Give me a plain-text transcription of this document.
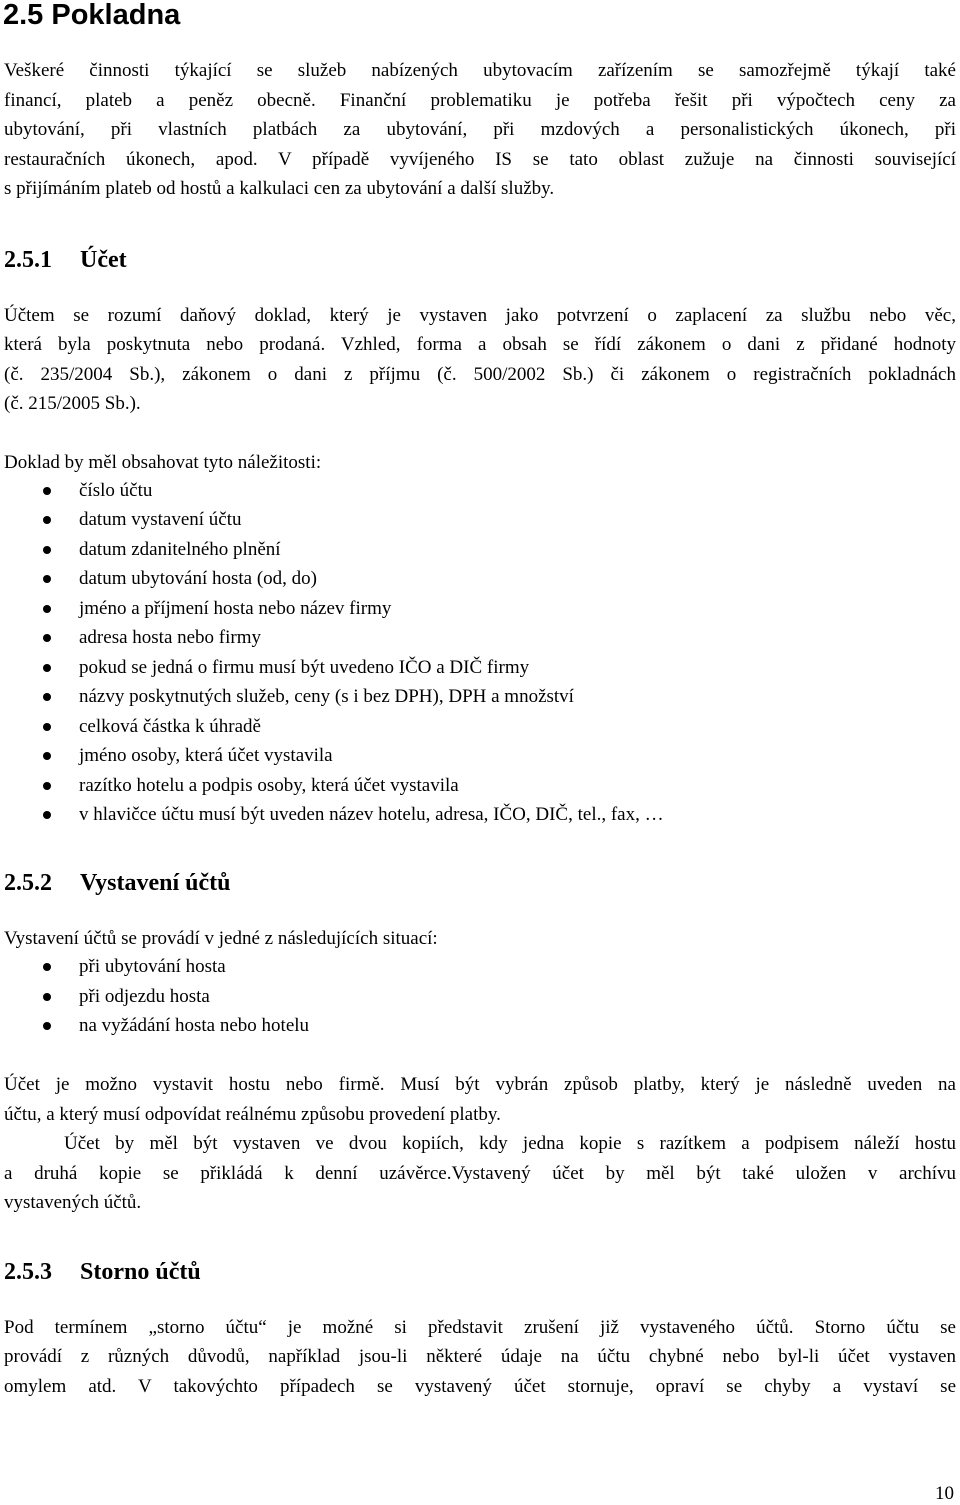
2.5 Pokladna
Veškeré činnosti týkající se služeb nabízených ubytovacím zařízením se samozřejmě týkají také
financí, plateb a peněz obecně. Finanční problematiku je potřeba řešit při výpočtech ceny za
ubytování, při vlastních platbách za ubytování, při mzdových a personalistických úkonech, při
restauračních úkonech, apod. V případě vyvíjeného IS se tato oblast zužuje na činnosti související
s přijímáním plateb od hostů a kalkulaci cen za ubytování a další služby.
2.5.1 Účet
Účtem se rozumí daňový doklad, který je vystaven jako potvrzení o zaplacení za službu nebo věc,
která byla poskytnuta nebo prodaná. Vzhled, forma a obsah se řídí zákonem o dani z přidané hodnoty
(č. 235/2004 Sb.), zákonem o dani z příjmu (č. 500/2002 Sb.) či zákonem o registračních pokladnách
(č. 215/2005 Sb.).
Doklad by měl obsahovat tyto náležitosti:
číslo účtu
datum vystavení účtu
datum zdanitelného plnění
datum ubytování hosta (od, do)
jméno a příjmení hosta nebo název firmy
adresa hosta nebo firmy
pokud se jedná o firmu musí být uvedeno IČO a DIČ firmy
názvy poskytnutých služeb, ceny (s i bez DPH), DPH a množství
celková částka k úhradě
jméno osoby, která účet vystavila
razítko hotelu a podpis osoby, která účet vystavila
v hlavičce účtu musí být uveden název hotelu, adresa, IČO, DIČ, tel., fax, …
2.5.2 Vystavení účtů
Vystavení účtů se provádí v jedné z následujících situací:
při ubytování hosta
při odjezdu hosta
na vyžádání hosta nebo hotelu
Účet je možno vystavit hostu nebo firmě. Musí být vybrán způsob platby, který je následně uveden na
účtu, a který musí odpovídat reálnému způsobu provedení platby.
Účet by měl být vystaven ve dvou kopiích, kdy jedna kopie s razítkem a podpisem náleží hostu
a druhá kopie se přikládá k denní uzávěrce.Vystavený účet by měl být také uložen v archívu
vystavených účtů.
2.5.3 Storno účtů
Pod termínem „storno účtu“ je možné si představit zrušení již vystaveného účtů. Storno účtu se
provádí z různých důvodů, například jsou-li některé údaje na účtu chybné nebo byl-li účet vystaven
omylem atd. V takovýchto případech se vystavený účet stornuje, opraví se chyby a vystaví se
10
